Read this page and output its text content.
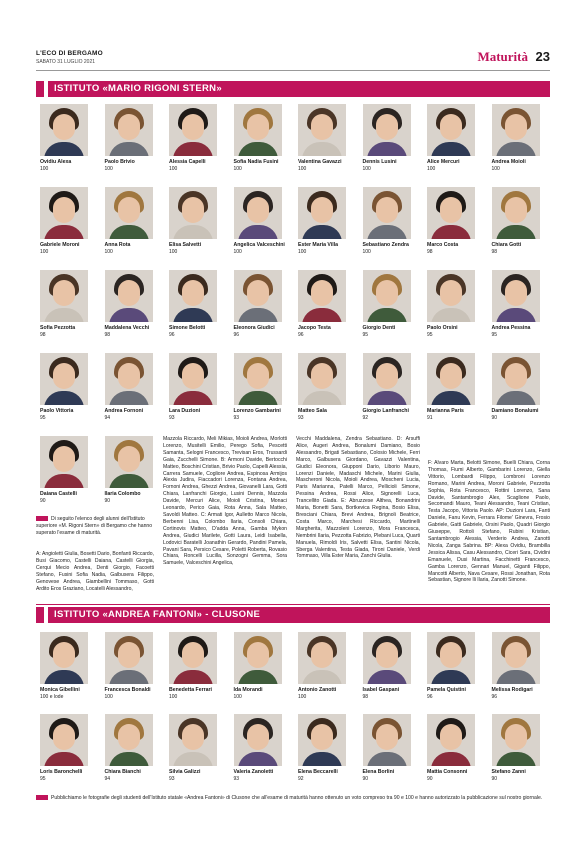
L'ECO DI BERGAMO
SABATO 31 LUGLIO 2021	Maturità 23
ISTITUTO «MARIO RIGONI STERN»
Ovidiu Alexa
100
Paolo Brivio
100
Alessia Capelli
100
Sofia Nadia Fusini
100
Valentina Gavazzi
100
Dennis Lusini
100
Alice Mercuri
100
Andrea Moioli
100
Gabriele Moroni
100
Anna Rota
100
Elisa Salvetti
100
Angelica Valceschini
100
Ester Maria Villa
100
Sebastiano Zendra
100
Marco Costa
98
Chiara Gotti
98
Sofia Pezzotta
98
Maddalena Vecchi
98
Simone Belotti
96
Eleonora Giudici
96
Jacopo Testa
96
Giorgio Denti
95
Paolo Orsini
95
Andrea Pessina
95
Paolo Vittoria
95
Andrea Fornoni
94
Lara Duzioni
93
Lorenzo Gambarini
93
Matteo Sala
93
Giorgio Lanfranchi
92
Marianna Paris
91
Damiano Bonalumi
90
Daiana Castelli
90
Ilaria Colombo
90
Di seguito l'elenco degli alunni dell'Istituto superiore «M. Rigoni Stern» di Bergamo che hanno superato l'esame di maturità.

A: Angioletti Giulia, Bosetti Dario, Bonfanti Riccardo, Busi Giacomo, Castelli Daiana, Castelli Giorgia, Cerqui Mecio Andrea, Denti Giorgio, Facoetti Stefano, Fusini Sofia Nadia, Galbusera Filippo, Genovese Andrea, Giambellini Tommaso, Gotti Ardito Eros Graziano, Locatelli Alessandro,

Mazzola Riccardo, Meli Mikias, Moioli Andrea, Morlotti Lorenzo, Musitelli Emilio, Perego Sofia, Pescetti Samanta, Selogni Francesco, Trevisan Eros, Trussardi Gaia, Zucchelli Simone. B: Armoni Davide, Bertocchi Matteo, Boschini Cristian, Brivio Paolo, Capelli Alessia, Carrera Samuele, Cogliore Andrea, Espinosa Armijos Alexia Judira, Fiaccadori Lorenza, Fontana Andrea, Fornoni Andrea, Ghezzi Andrea, Giovanelli Lara, Gotti Chiara, Lanfranchi Giorgio, Lusini Dennis, Mazzola Davide, Mercuri Alice, Moioli Cristina, Monaci Leonardo, Perico Gaia, Rota Anna, Sala Matteo, Savoldi Matteo. C: Armati Igor, Aulletto Marco Nicola, Berbenni Lisa, Colombo Ilaria, Consoli Chiara, Cortinovis Matteo, D'adda Anna, Gamba Mykon Andrea, Giudici Marilete, Gotti Laura, Leidi Isabella, Lodovici Baratelli Joanathin Gerardo, Pandini Pamela, Pavani Sara, Persico Cesare, Poletti Roberta, Rovasio Chiara, Roncelli Lucilla, Sonzogni Gemma, Sora Samuele, Valceschini Angelica,

Vecchi Maddalena, Zendra Sebastiano. D: Arsuffi Alice, Augeri Andrea, Bonalumi Damiano, Bosio Alessandro, Brigati Sebastiano, Colosio Michele, Ferri Marco, Galbusera Giordano, Gavazzi Valentina, Giudici Eleonora, Giupponi Dario, Liborio Mauro, Lorenzi Daniele, Madaschi Michele, Marini Giulia, Mascheroni Nicola, Moioli Andrea, Moscheni Lucia, Paris Marianna, Patelli Marco, Pellicioli Simone, Pessina Andrea, Rossi Alice, Signorelli Luca, Trancellito Giada. E: Abruzzese Althea, Bonandrini Maria, Bonetti Sara, Bortkevica Regina, Bosio Elisa, Bresciani Chiara, Brevi Andrea, Brignoli Beatrice, Costa Marco, Marchesi Riccardo, Martinelli Margherita, Mazzoleni Lorenzo, Mora Francesca, Nembrini Ilaria, Pezzotta Fabrizio, Plebani Luca, Quarti Manuela, Rimoldi Iris, Salvetti Elisa, Santini Nicola, Sberga Valentina, Testa Giada, Tironi Daniele, Verdi Tommaso, Villa Ester Maria, Zanchi Giulia.

F: Alvaro Marta, Belotti Simone, Buelli Chiara, Corna Thomas, Fiumi Alberto, Gambarini Lorenzo, Giella Vittorio, Lombardi Filippo, Lombroni Lorenzo Romano, Marini Andrea, Moroni Gabriele, Pezzotta Sophia, Rota Francesco, Rottini Lorenzo, Sana Davide, Santambrogio Alex, Scaglione Paolo, Secomandi Mauro, Teani Alessandro, Teani Cristian, Testa Jacopo, Vittoria Paolo. AP: Duzioni Lara, Fanti Daniele, Fanu Kevin, Ferrara Filome' Ginevra, Frosio Gabriele, Gatti Gabriele, Orsini Paolo, Quadri Giorgio Giuseppe, Rottoli Stefano, Rubini Kristian, Santambrogio Alessia, Verderio Andrea, Zanotti Nicola, Zanga Sabrina. BP: Alexa Ovidiu, Brambilla Jessica Alissa, Casu Alessandro, Ciceri Sara, Cividini Emanuele, Dusi Martina, Facchinetti Francesco, Gamba Lorenzo, Gennari Manuel, Giganti Filippo, Mancotti Alberto, Nava Cesare, Rossi Jonathan, Rota Sebastian, Signore lli Ilaria, Zanotti Simone.

ISTITUTO «ANDREA FANTONI» - CLUSONE
Monica Gibellini
100 e lode
Francesca Bonaldi
100
Benedetta Ferrari
100
Ida Morandi
100
Antonio Zanotti
100
Isabel Gaspani
98
Pamela Quistini
96
Melissa Rodigari
96
Loris Baronchelli
95
Chiara Bianchi
94
Silvia Galizzi
93
Valeria Zanoletti
93
Elena Beccarelli
92
Elena Borlini
90
Mattia Consonni
90
Stefano Zanni
90
Pubblichiamo le fotografie degli studenti dell'Istituto statale «Andrea Fantoni» di Clusone che all'esame di maturità hanno ottenuto un voto compreso tra 90 e 100 e hanno autorizzato la pubblicazione sul nostro giornale.
